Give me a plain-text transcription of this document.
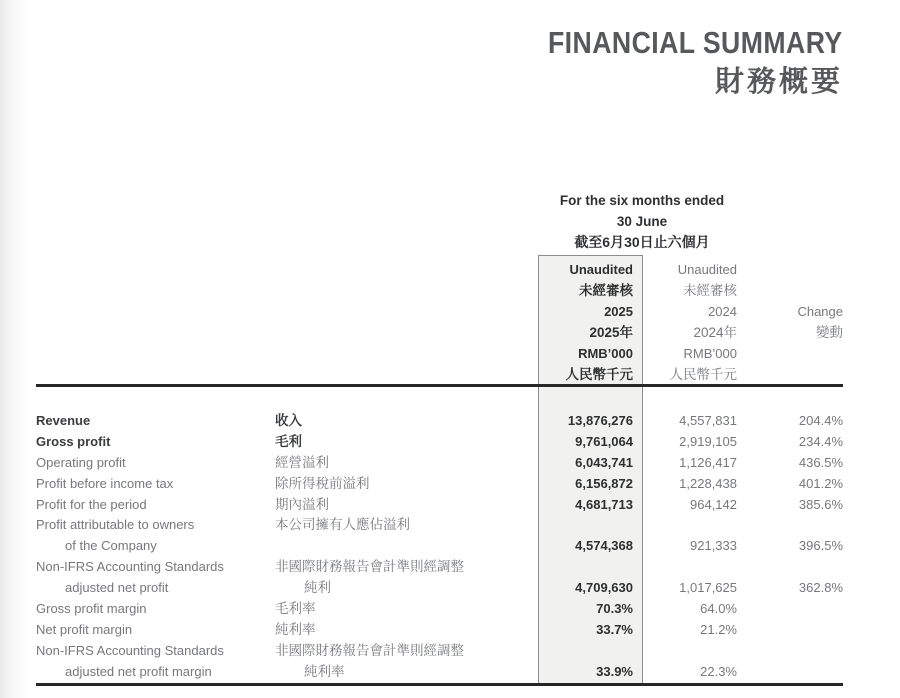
FINANCIAL SUMMARY
財務概要
For the six months ended
30 June
截至6月30日止六個月
Unaudited	Unaudited
未經審核	未經審核
2025	2024	Change
2025年	2024年	變動
RMB’000	RMB’000
人民幣千元	人民幣千元
Revenue	收入	13,876,276	4,557,831	204.4%
Gross profit	毛利	9,761,064	2,919,105	234.4%
Operating profit	經營溢利	6,043,741	1,126,417	436.5%
Profit before income tax	除所得稅前溢利	6,156,872	1,228,438	401.2%
Profit for the period	期內溢利	4,681,713	964,142	385.6%
Profit attributable to owners	本公司擁有人應佔溢利
of the Company	4,574,368	921,333	396.5%
Non-IFRS Accounting Standards	非國際財務報告會計準則經調整
adjusted net profit	純利	4,709,630	1,017,625	362.8%
Gross profit margin	毛利率	70.3%	64.0%
Net profit margin	純利率	33.7%	21.2%
Non-IFRS Accounting Standards	非國際財務報告會計準則經調整
adjusted net profit margin	純利率	33.9%	22.3%
